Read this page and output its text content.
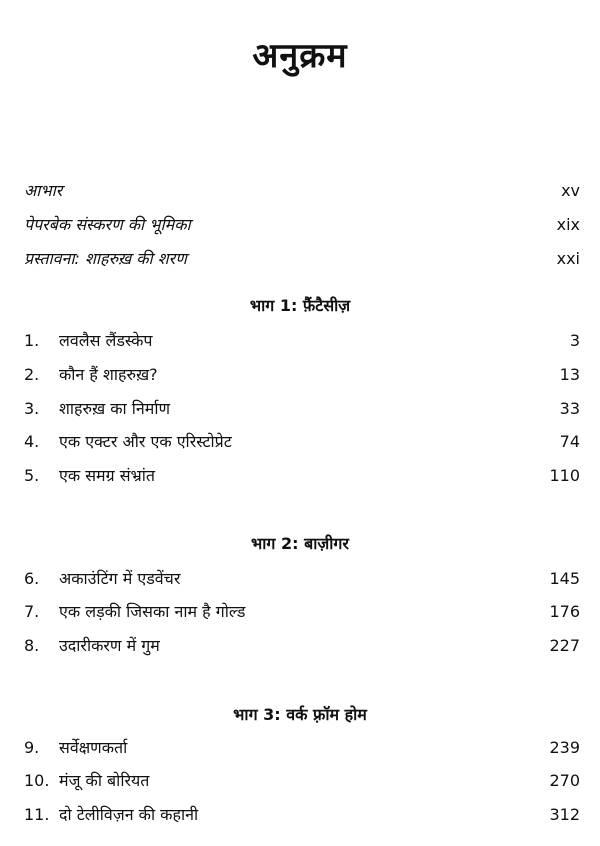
अनुक्रम
आभार	xv
पेपरबेक संस्करण की भूमिका	xix
प्रस्तावना: शाहरुख़ की शरण	xxi
भाग 1: फ़ैंटैसीज़
1. लवलैस लैंडस्केप	3
2. कौन हैं शाहरुख़?	13
3. शाहरुख़ का निर्माण	33
4. एक एक्टर और एक एरिस्टोप्रेट	74
5. एक समग्र संभ्रांत	110
भाग 2: बाज़ीगर
6. अकाउंटिंग में एडवेंचर	145
7. एक लड़की जिसका नाम है गोल्ड	176
8. उदारीकरण में गुम	227
भाग 3: वर्क फ़्रॉम होम
9. सर्वेक्षणकर्ता	239
10. मंजू की बोरियत	270
11. दो टेलीविज़न की कहानी	312
